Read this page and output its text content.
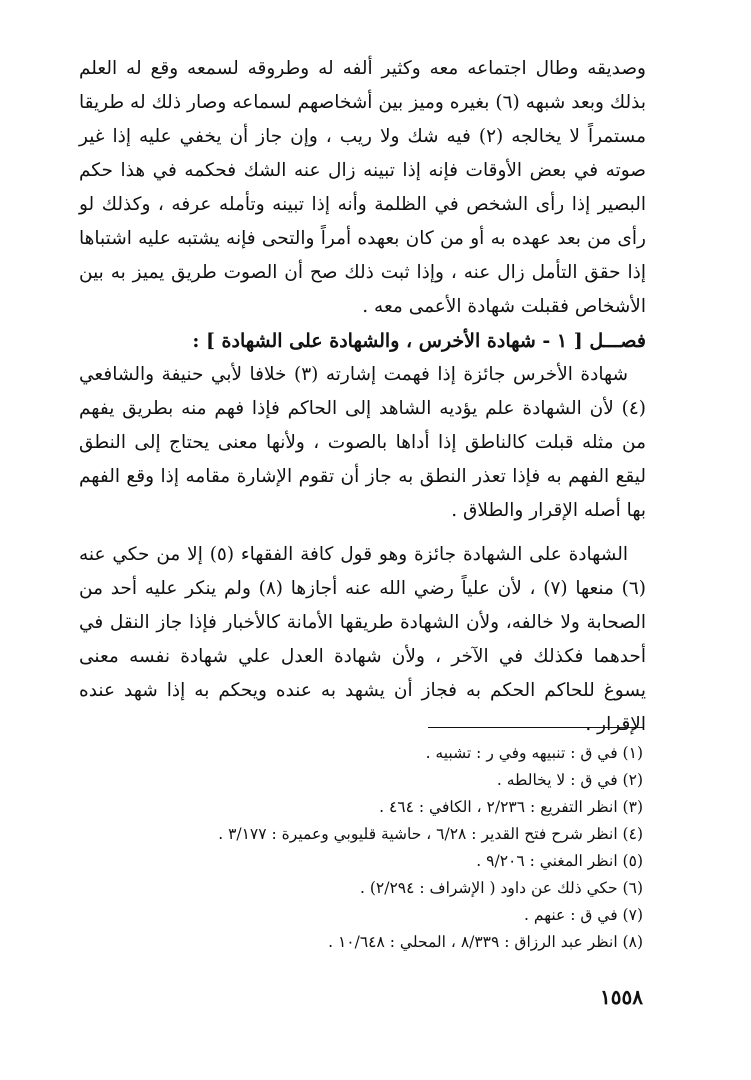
وصديقه وطال اجتماعه معه وكثير ألفه له وطروقه لسمعه وقع له العلم بذلك وبعد شبهه (٦) بغيره وميز بين أشخاصهم لسماعه وصار ذلك له طريقا مستمراً لا يخالجه (٢) فيه شك ولا ريب ، وإن جاز أن يخفي عليه إذا غير صوته في بعض الأوقات فإنه إذا تبينه زال عنه الشك فحكمه في هذا حكم البصير إذا رأى الشخص في الظلمة وأنه إذا تبينه وتأمله عرفه ، وكذلك لو رأى من بعد عهده به أو من كان بعهده أمراً والتحى فإنه يشتبه عليه اشتباها إذا حقق التأمل زال عنه ، وإذا ثبت ذلك صح أن الصوت طريق يميز به بين الأشخاص فقبلت شهادة الأعمى معه .

فصـــل [ ١ - شهادة الأخرس ، والشهادة على الشهادة ] :

شهادة الأخرس جائزة إذا فهمت إشارته (٣) خلافا لأبي حنيفة والشافعي (٤) لأن الشهادة علم يؤديه الشاهد إلى الحاكم فإذا فهم منه بطريق يفهم من مثله قبلت كالناطق إذا أداها بالصوت ، ولأنها معنى يحتاج إلى النطق ليقع الفهم به فإذا تعذر النطق به جاز أن تقوم الإشارة مقامه إذا وقع الفهم بها أصله الإقرار والطلاق .

الشهادة على الشهادة جائزة وهو قول كافة الفقهاء (٥) إلا من حكي عنه (٦) منعها (٧) ، لأن علياً رضي الله عنه أجازها (٨) ولم ينكر عليه أحد من الصحابة ولا خالفه، ولأن الشهادة طريقها الأمانة كالأخبار فإذا جاز النقل في أحدهما فكذلك في الآخر ، ولأن شهادة العدل علي شهادة نفسه معنى يسوغ للحاكم الحكم به فجاز أن يشهد به عنده ويحكم به إذا شهد عنده الإقرار .

(١) في ق : تنبيهه وفي ر : تشبيه .
(٢) في ق : لا يخالطه .
(٣) انظر التفريع : ٢/٢٣٦ ، الكافي : ٤٦٤ .
(٤) انظر شرح فتح القدير : ٦/٢٨ ، حاشية قليوبي وعميرة : ٣/١٧٧ .
(٥) انظر المغني : ٩/٢٠٦ .
(٦) حكي ذلك عن داود ( الإشراف : ٢/٢٩٤) .
(٧) في ق : عنهم .
(٨) انظر عبد الرزاق : ٨/٣٣٩ ، المحلي : ١٠/٦٤٨ .
١٥٥٨
